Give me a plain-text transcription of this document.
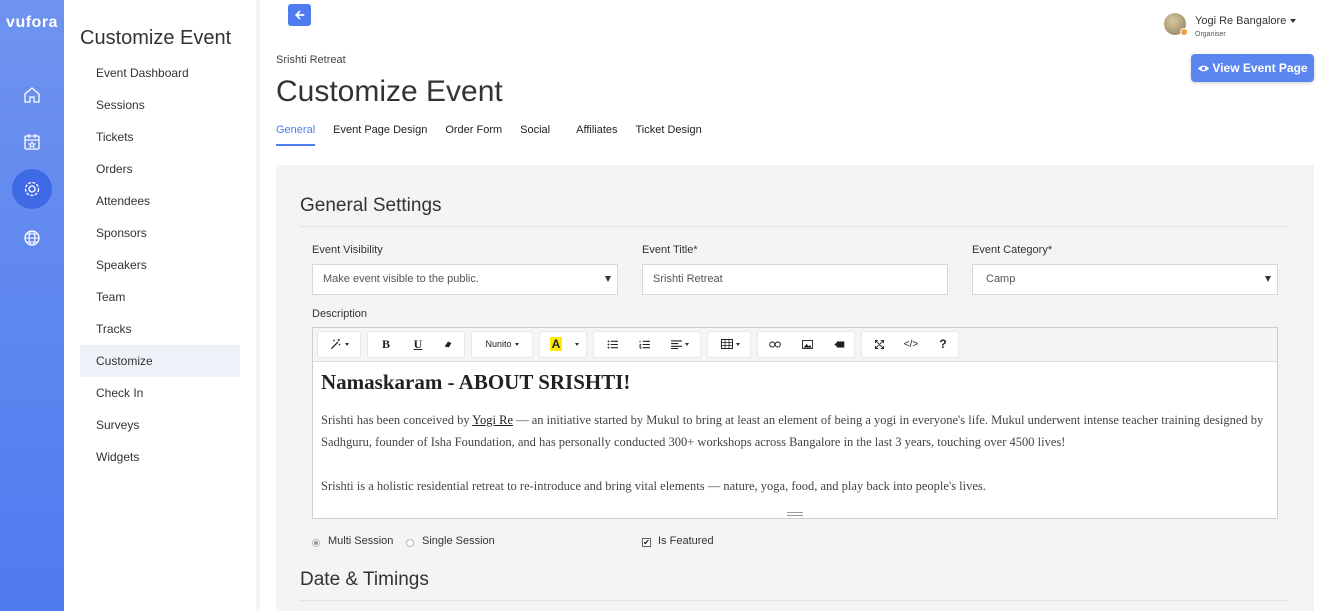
vufora
Customize Event
Event Dashboard
Sessions
Tickets
Orders
Attendees
Sponsors
Speakers
Team
Tracks
Customize
Check In
Surveys
Widgets
Srishti Retreat
Customize Event
General Event Page Design Order Form Social Affiliates Ticket Design
Yogi Re Bangalore
Organiser
View Event Page
General Settings
Event Visibility
Make event visible to the public.
Event Title*
Srishti Retreat
Event Category*
Camp
Description
B	U	Nunito	A	</>	?
Namaskaram - ABOUT SRISHTI!

Srishti has been conceived by Yogi Re — an initiative started by Mukul to bring at least an element of being a yogi in everyone's life. Mukul underwent intense teacher training designed by Sadhguru, founder of Isha Foundation, and has personally conducted 300+ workshops across Bangalore in the last 3 years, touching over 4500 lives!

Srishti is a holistic residential retreat to re-introduce and bring vital elements — nature, yoga, food, and play back into people's lives.

Multi Session	Single Session	✔ Is Featured
Date & Timings
